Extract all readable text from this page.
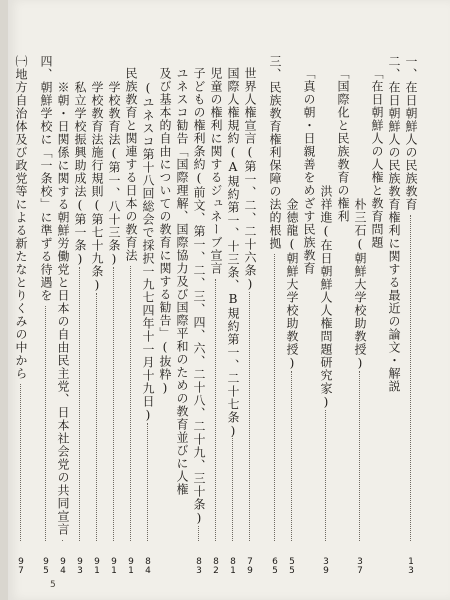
一、在日朝鮮人の民族教育
13
二、在日朝鮮人の民族教育権利に関する最近の論文・解説
「在日朝鮮人の人権と教育問題
朴三石(朝鮮大学校助教授)
37
「国際化と民族教育の権利
洪祥進(在日朝鮮人人権問題研究家)
39
「真の朝・日親善をめざす民族教育
金徳龍(朝鮮大学校助教授)
55
三、民族教育権利保障の法的根拠
65
世界人権宣言(第一、二、二十六条)
79
国際人権規約(A規約第一、十三条、B規約第一、二十七条)
81
児童の権利に関するジュネーブ宣言
82
子どもの権利条約(前文、第一、二、三、四、六、二十八、二十九、三十条)
83
ユネスコ勧告「国際理解、国際協力及び国際平和のための教育並びに人権
及び基本的自由についての教育に関する勧告」(抜粋)
(ユネスコ第十八回総会で採択一九七四年十一月十九日)
84
民族教育と関連する日本の教育法
91
学校教育法(第一、八十三条)
91
学校教育法施行規則(第七十九条)
91
私立学校振興助成法(第一条)
93
※朝・日関係に関する朝鮮労働党と日本の自由民主党、日本社会党の共同宣言
94
四、朝鮮学校に「一条校」に準ずる待遇を
95
㈠地方自治体及び政党等による新たなとりくみの中から
97
5
